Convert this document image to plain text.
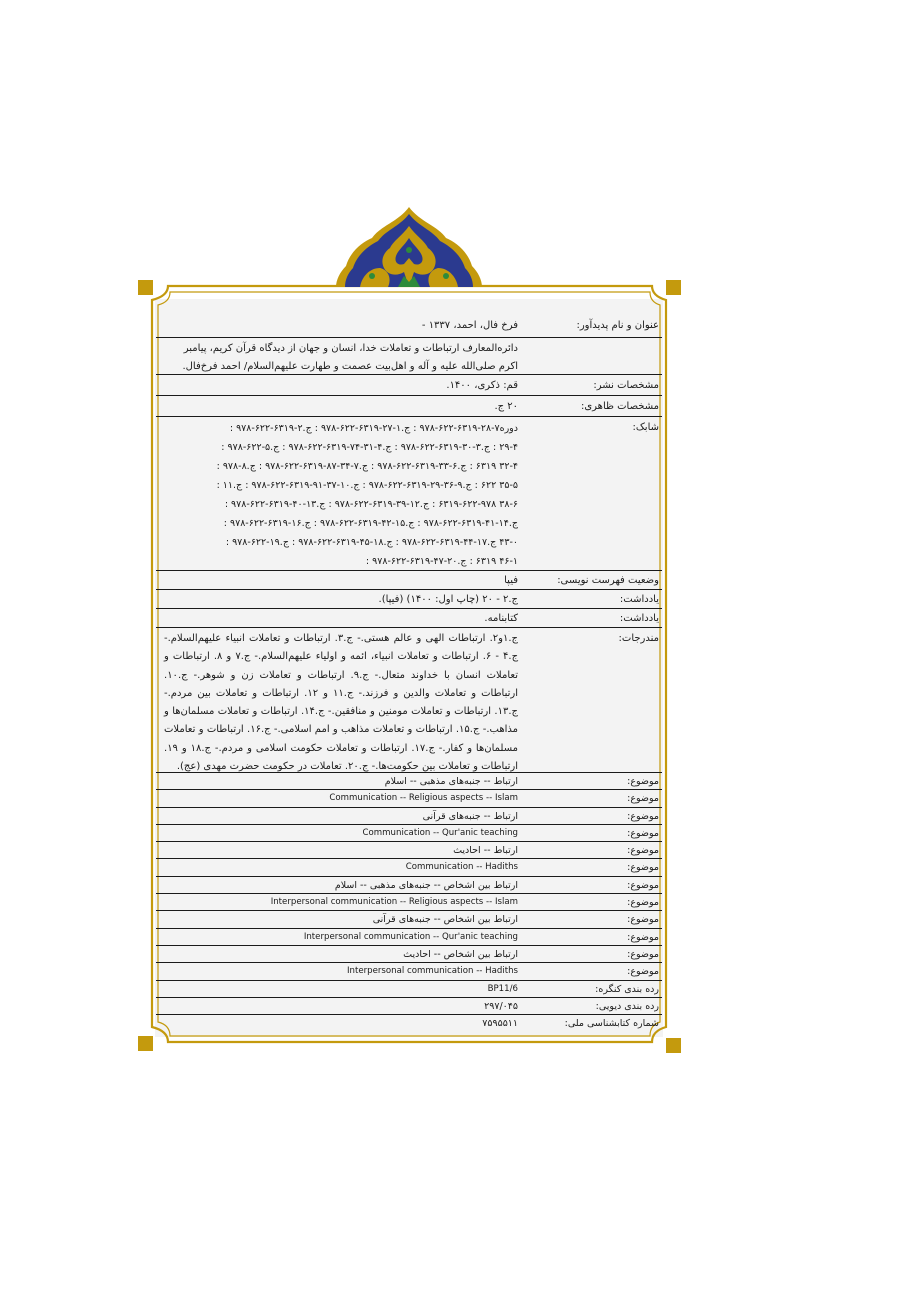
عنوان و نام پدیدآور:
فرخ فال، احمد، ۱۳۳۷ -
دائره‌المعارف ارتباطات و تعاملات خدا، انسان و جهان از دیدگاه قرآن کریم، پیامبر اکرم صلی‌الله علیه و آله و اهل‌بیت عصمت و طهارت علیهم‌السلام/ احمد فرخ‌فال.
مشخصات نشر:
قم: ذکری، ۱۴۰۰.
مشخصات ظاهری:
۲۰ ج.
شابک:
دوره۷-۲۸-۶۳۱۹-۶۲۲-۹۷۸ : ج.۱-۲۷-۶۳۱۹-۶۲۲-۹۷۸ : ج.۲-۶۳۱۹-۶۲۲-۹۷۸ :
۲۹-۴ : ج.۳-۳۰-۶۳۱۹-۶۲۲-۹۷۸ : ج.۴-۳۱-۷۴-۶۳۱۹-۶۲۲-۹۷۸ : ج.۵-۶۲۲-۹۷۸ :
۳۲-۴ ۶۳۱۹ : ج.۶-۳۳-۶۳۱۹-۶۲۲-۹۷۸ : ج.۷-۳۴-۸۷-۶۳۱۹-۶۲۲-۹۷۸ : ج.۸-۹۷۸ :
۳۵-۵ ۶۲۲ : ج.۹-۳۶-۲۹-۶۳۱۹-۶۲۲-۹۷۸ : ج.۱۰-۳۷-۹۱-۶۳۱۹-۶۲۲-۹۷۸ : ج.۱۱ :
۳۸-۶ ۶۳۱۹-۶۲۲-۹۷۸ : ج.۱۲-۳۹-۶۳۱۹-۶۲۲-۹۷۸ : ج.۱۳-۴۰-۶۳۱۹-۶۲۲-۹۷۸ :
ج.۱۴-۴۱-۶۳۱۹-۶۲۲-۹۷۸ : ج.۱۵-۴۲-۶۳۱۹-۶۲۲-۹۷۸ : ج.۱۶-۶۳۱۹-۶۲۲-۹۷۸ :
۴۳-۰ ج.۱۷-۴۴-۶۳۱۹-۶۲۲-۹۷۸ : ج.۱۸-۴۵-۶۳۱۹-۶۲۲-۹۷۸ : ج.۱۹-۶۲۲-۹۷۸ :
۴۶-۱ ۶۳۱۹ : ج.۲۰-۴۷-۶۳۱۹-۶۲۲-۹۷۸ :
وضعیت فهرست نویسی:
فیپا
یادداشت:
ج.۲ - ۲۰ (چاپ اول: ۱۴۰۰) (فیپا).
یادداشت:
کتابنامه.
مندرجات:
ج.۱و۲. ارتباطات الهی و عالم هستی.- ج.۳. ارتباطات و تعاملات انبیاء علیهم‌السلام.- ج.۴ - ۶. ارتباطات و تعاملات انبیاء، ائمه و اولیاء علیهم‌السلام.- ج.۷ و ۸. ارتباطات و تعاملات انسان با خداوند متعال.- ج.۹. ارتباطات و تعاملات زن و شوهر.- ج.۱۰. ارتباطات و تعاملات والدین و فرزند.- ج.۱۱ و ۱۲. ارتباطات و تعاملات بین مردم.- ج.۱۳. ارتباطات و تعاملات مومنین و منافقین.- ج.۱۴. ارتباطات و تعاملات مسلمان‌ها و مذاهب.- ج.۱۵. ارتباطات و تعاملات مذاهب و امم اسلامی.- ج.۱۶. ارتباطات و تعاملات مسلمان‌ها و کفار.- ج.۱۷. ارتباطات و تعاملات حکومت اسلامی و مردم.- ج.۱۸ و ۱۹. ارتباطات و تعاملات بین حکومت‌ها.- ج.۲۰. تعاملات در حکومت حضرت مهدی (عج).
موضوع:
ارتباط -- جنبه‌های مذهبی -- اسلام
موضوع:
Communication -- Religious aspects -- Islam
موضوع:
ارتباط -- جنبه‌های قرآنی
موضوع:
Communication -- Qur'anic teaching
موضوع:
ارتباط -- احادیث
موضوع:
Communication -- Hadiths
موضوع:
ارتباط بین اشخاص -- جنبه‌های مذهبی -- اسلام
موضوع:
Interpersonal communication -- Religious aspects -- Islam
موضوع:
ارتباط بین اشخاص -- جنبه‌های قرآنی
موضوع:
Interpersonal communication -- Qur'anic teaching
موضوع:
ارتباط بین اشخاص -- احادیث
موضوع:
Interpersonal communication -- Hadiths
رده بندی کنگره:
BP11/6
رده بندی دیویی:
۲۹۷/۰۴۵
شماره کتابشناسی ملی:
۷۵۹۵۵۱۱
